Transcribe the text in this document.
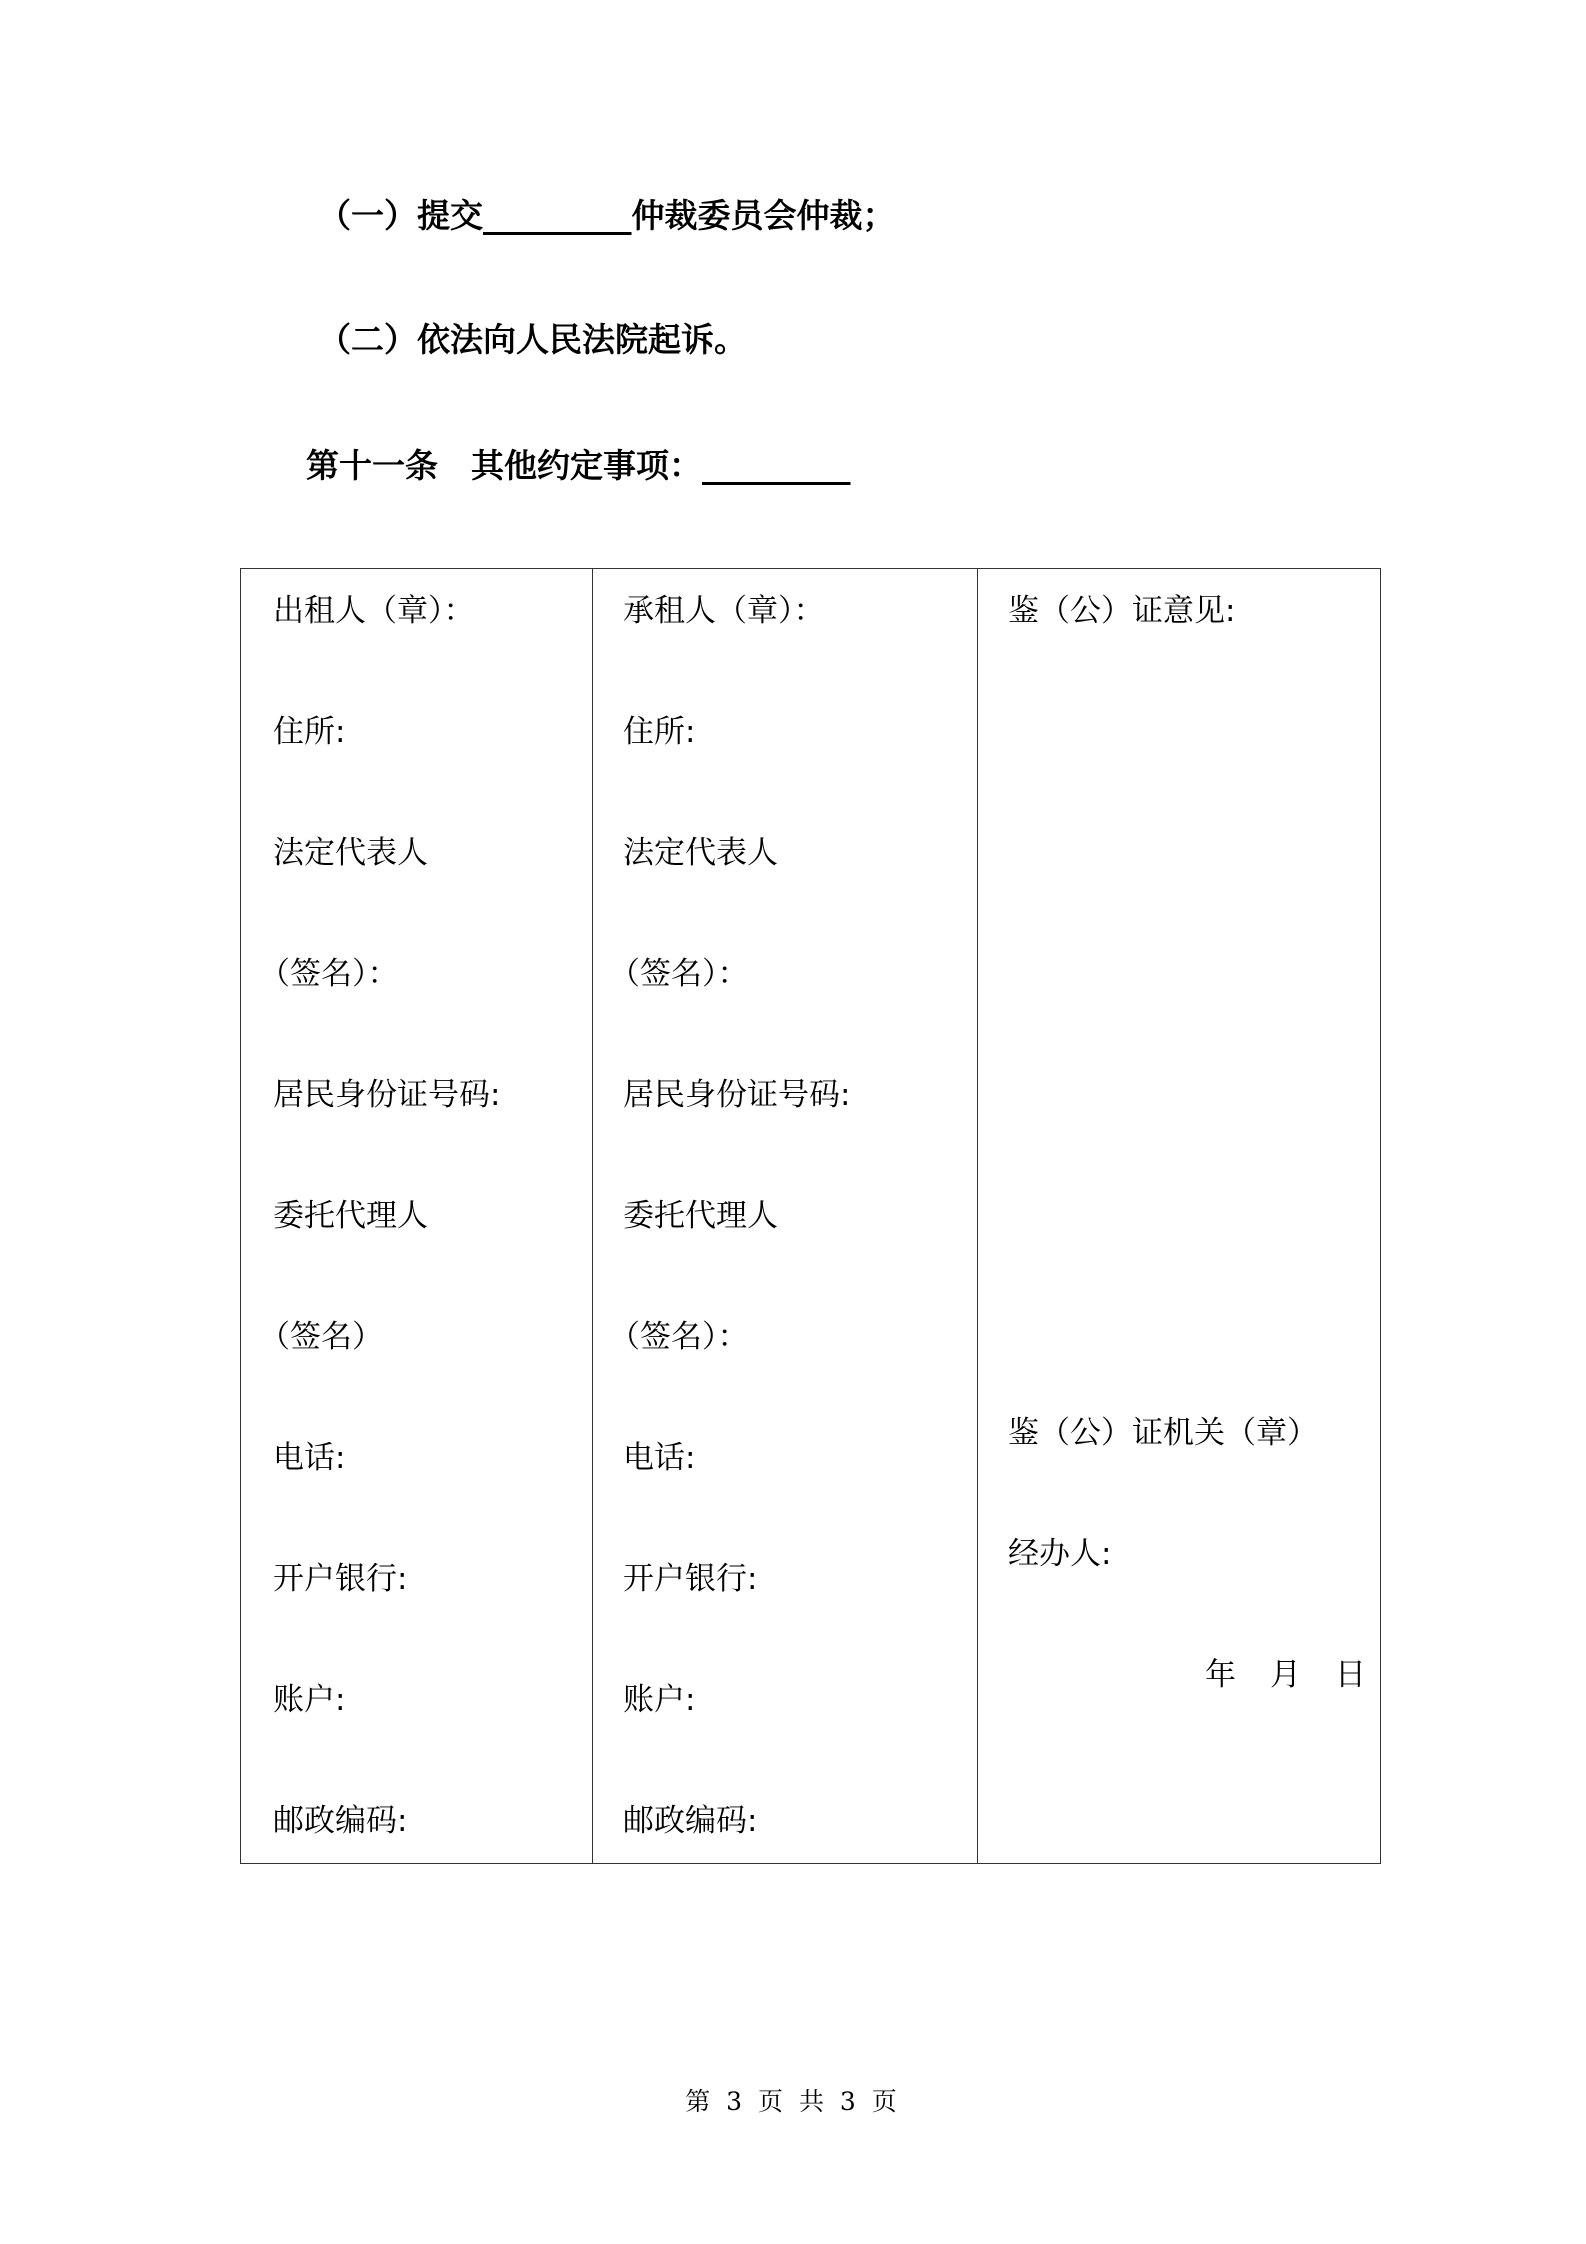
（一）提交_________仲裁委员会仲裁；
（二）依法向人民法院起诉。
第十一条　其他约定事项：_________
出租人（章）：
住所:
法定代表人
（签名）：
居民身份证号码:
委托代理人
（签名）
电话:
开户银行:
账户:
邮政编码:

承租人（章）：
住所:
法定代表人
（签名）：
居民身份证号码:
委托代理人
（签名）：
电话:
开户银行:
账户:
邮政编码:

鉴（公）证意见:
鉴（公）证机关（章）
经办人:
年 月 日
第 3 页 共 3 页
